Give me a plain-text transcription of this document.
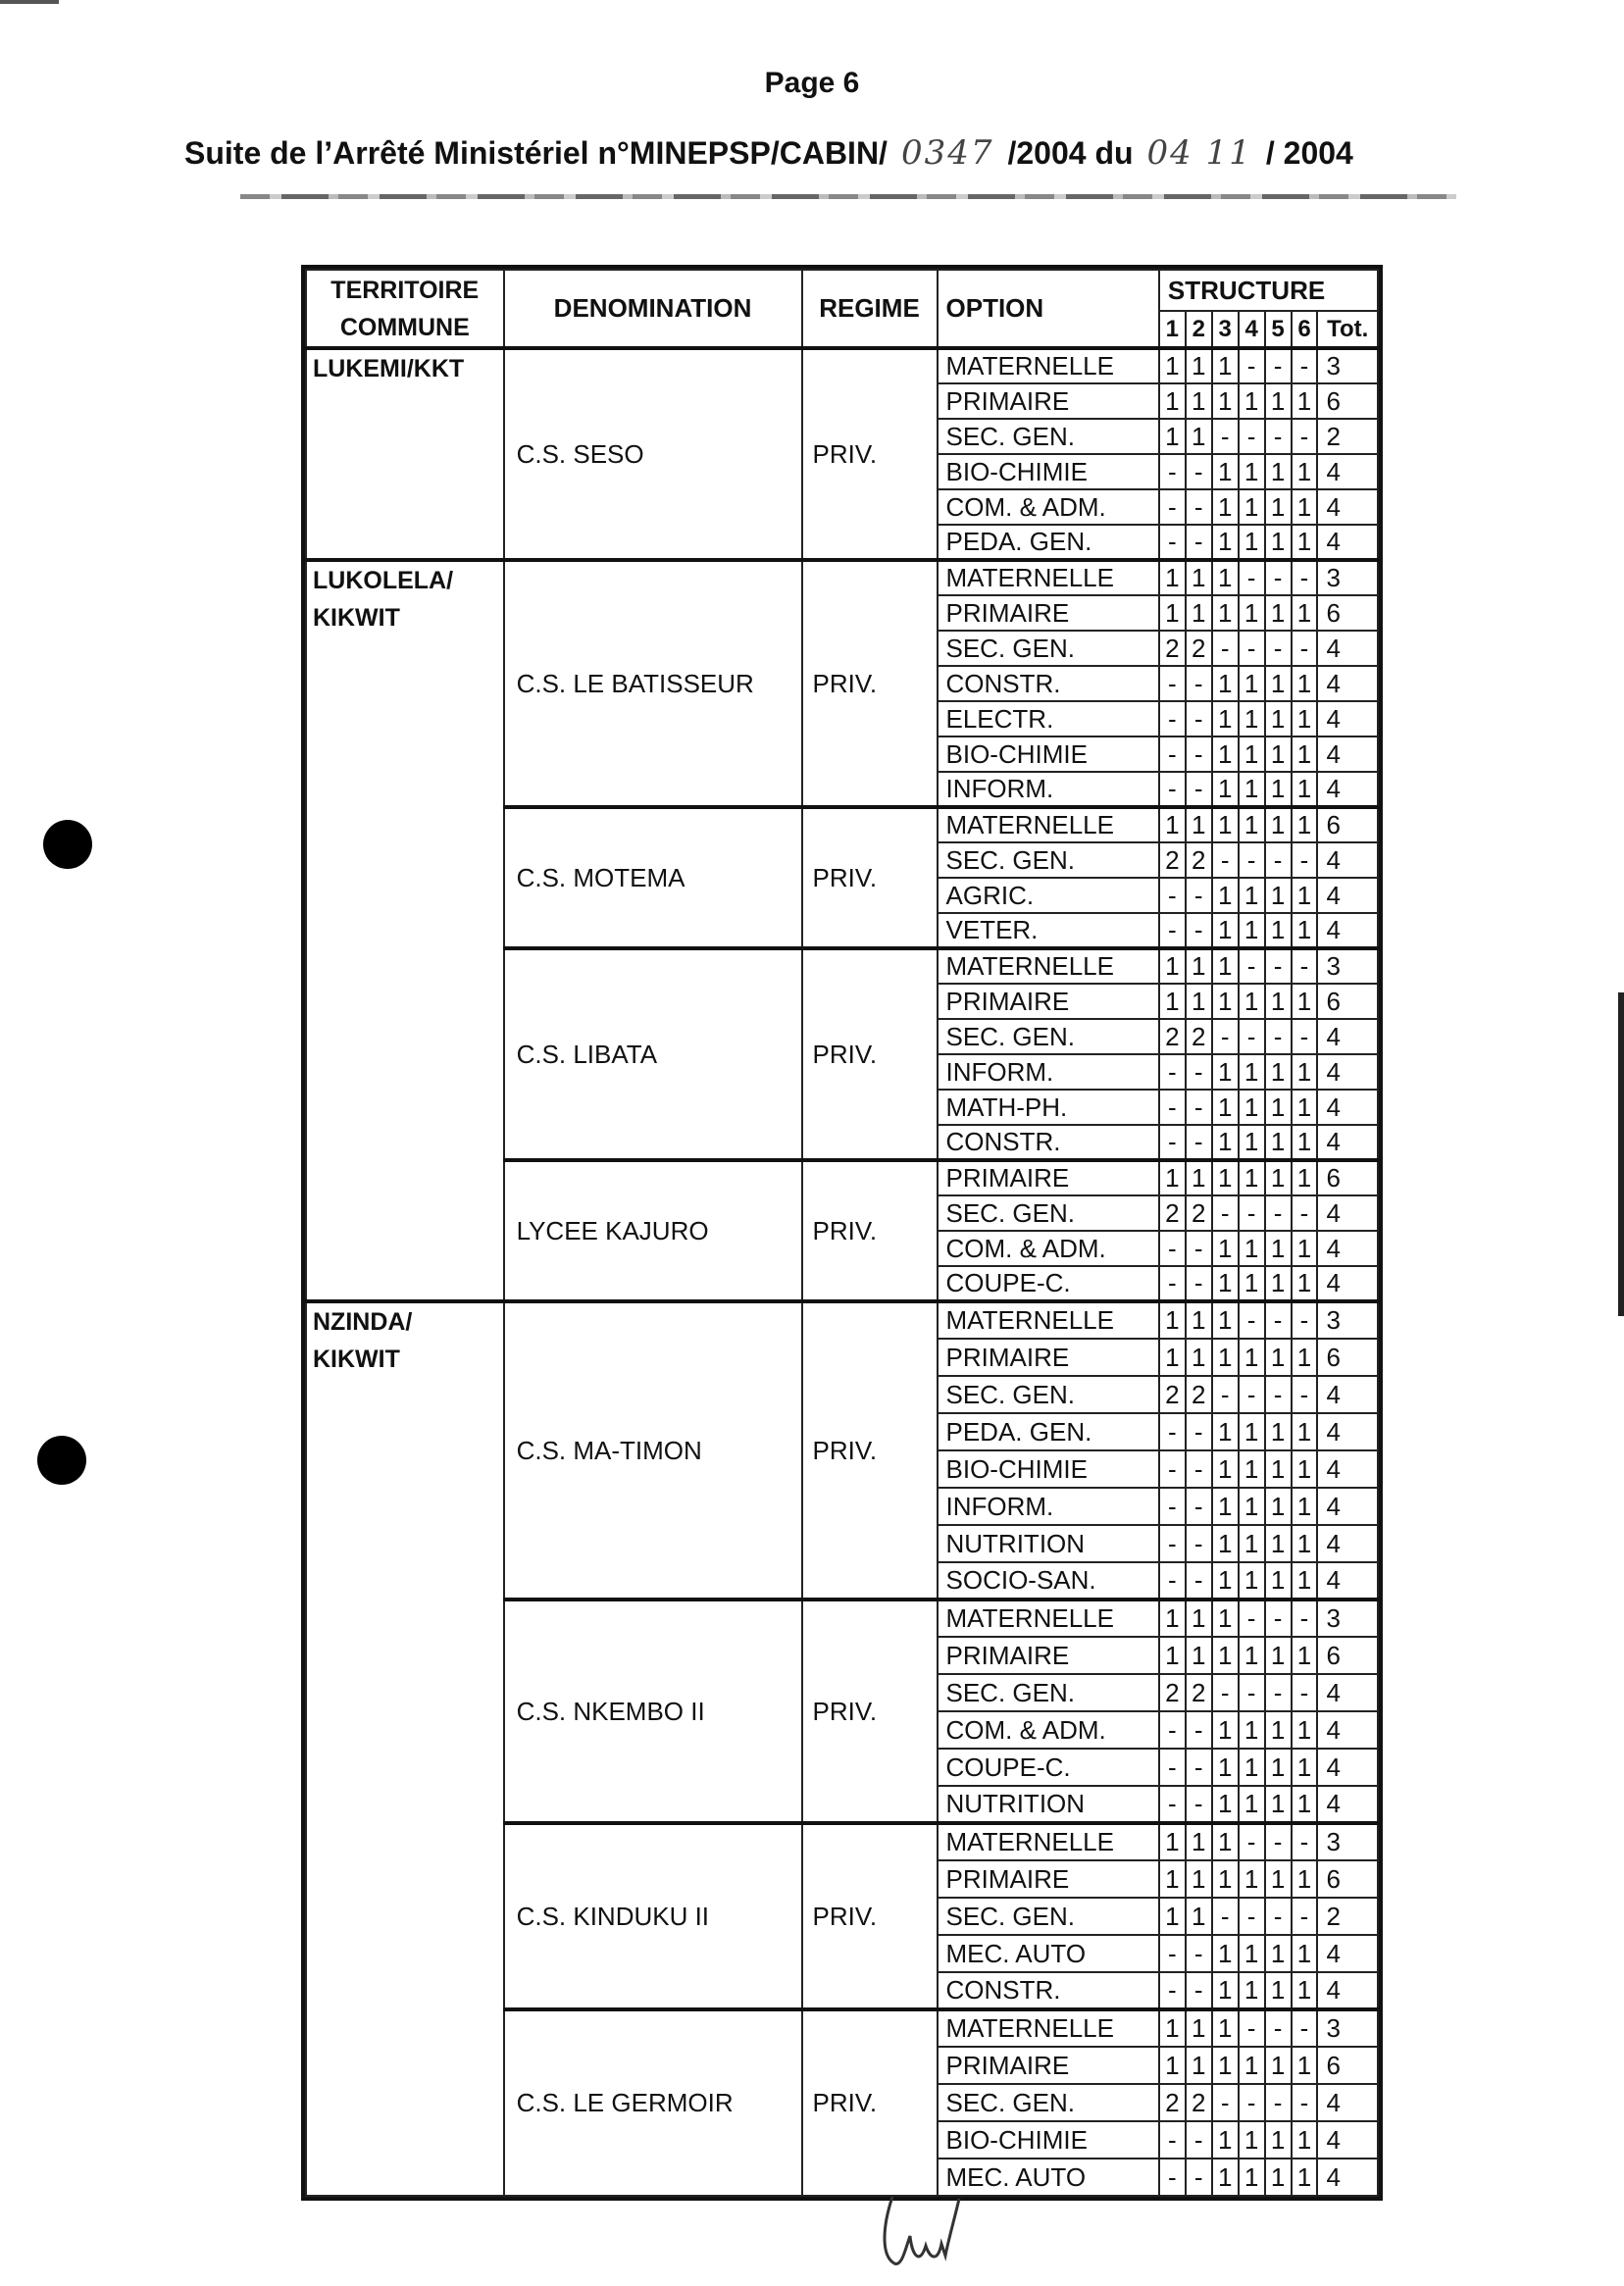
Page 6
Suite de l’Arrêté Ministériel n°MINEPSP/CABIN/ 0347 /2004 du 04 11 / 2004
TERRITOIRE
COMMUNE	DENOMINATION	REGIME	OPTION	STRUCTURE						
				1	2	3	4	5	6	Tot.
LUKEMI/KKT	C.S. SESO	PRIV.	MATERNELLE	1	1	1	-	-	-	3
			PRIMAIRE	1	1	1	1	1	1	6
			SEC. GEN.	1	1	-	-	-	-	2
			BIO-CHIMIE	-	-	1	1	1	1	4
			COM. & ADM.	-	-	1	1	1	1	4
			PEDA. GEN.	-	-	1	1	1	1	4
LUKOLELA/
KIKWIT	C.S. LE BATISSEUR	PRIV.	MATERNELLE	1	1	1	-	-	-	3
			PRIMAIRE	1	1	1	1	1	1	6
			SEC. GEN.	2	2	-	-	-	-	4
			CONSTR.	-	-	1	1	1	1	4
			ELECTR.	-	-	1	1	1	1	4
			BIO-CHIMIE	-	-	1	1	1	1	4
			INFORM.	-	-	1	1	1	1	4
	C.S. MOTEMA	PRIV.	MATERNELLE	1	1	1	1	1	1	6
			SEC. GEN.	2	2	-	-	-	-	4
			AGRIC.	-	-	1	1	1	1	4
			VETER.	-	-	1	1	1	1	4
	C.S. LIBATA	PRIV.	MATERNELLE	1	1	1	-	-	-	3
			PRIMAIRE	1	1	1	1	1	1	6
			SEC. GEN.	2	2	-	-	-	-	4
			INFORM.	-	-	1	1	1	1	4
			MATH-PH.	-	-	1	1	1	1	4
			CONSTR.	-	-	1	1	1	1	4
	LYCEE KAJURO	PRIV.	PRIMAIRE	1	1	1	1	1	1	6
			SEC. GEN.	2	2	-	-	-	-	4
			COM. & ADM.	-	-	1	1	1	1	4
			COUPE-C.	-	-	1	1	1	1	4
NZINDA/
KIKWIT	C.S. MA-TIMON	PRIV.	MATERNELLE	1	1	1	-	-	-	3
			PRIMAIRE	1	1	1	1	1	1	6
			SEC. GEN.	2	2	-	-	-	-	4
			PEDA. GEN.	-	-	1	1	1	1	4
			BIO-CHIMIE	-	-	1	1	1	1	4
			INFORM.	-	-	1	1	1	1	4
			NUTRITION	-	-	1	1	1	1	4
			SOCIO-SAN.	-	-	1	1	1	1	4
	C.S. NKEMBO II	PRIV.	MATERNELLE	1	1	1	-	-	-	3
			PRIMAIRE	1	1	1	1	1	1	6
			SEC. GEN.	2	2	-	-	-	-	4
			COM. & ADM.	-	-	1	1	1	1	4
			COUPE-C.	-	-	1	1	1	1	4
			NUTRITION	-	-	1	1	1	1	4
	C.S. KINDUKU II	PRIV.	MATERNELLE	1	1	1	-	-	-	3
			PRIMAIRE	1	1	1	1	1	1	6
			SEC. GEN.	1	1	-	-	-	-	2
			MEC. AUTO	-	-	1	1	1	1	4
			CONSTR.	-	-	1	1	1	1	4
	C.S. LE GERMOIR	PRIV.	MATERNELLE	1	1	1	-	-	-	3
			PRIMAIRE	1	1	1	1	1	1	6
			SEC. GEN.	2	2	-	-	-	-	4
			BIO-CHIMIE	-	-	1	1	1	1	4
			MEC. AUTO	-	-	1	1	1	1	4
